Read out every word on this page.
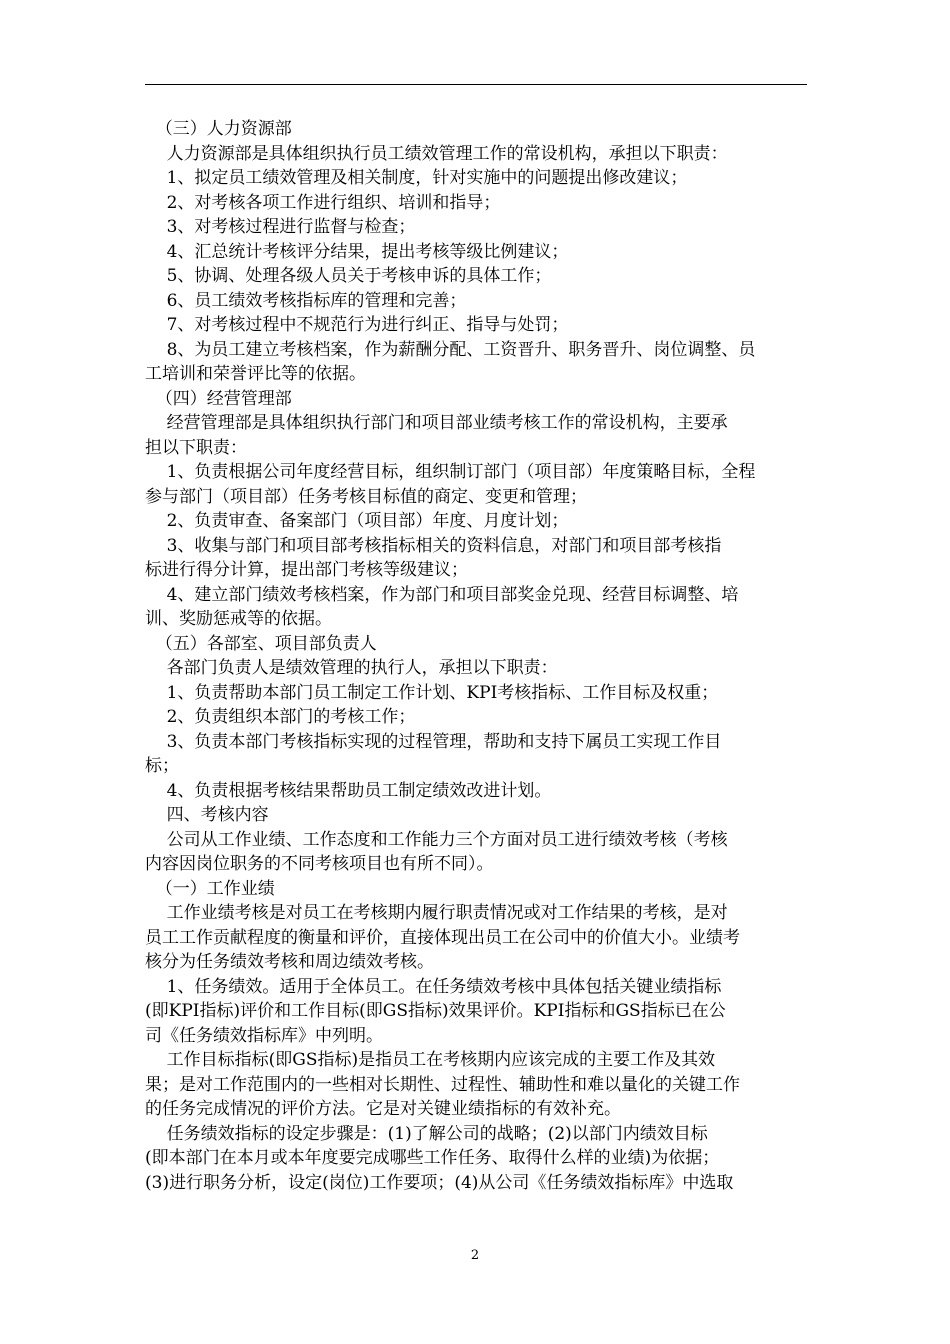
（三）人力资源部

人力资源部是具体组织执行员工绩效管理工作的常设机构，承担以下职责：

1、拟定员工绩效管理及相关制度，针对实施中的问题提出修改建议；

2、对考核各项工作进行组织、培训和指导；

3、对考核过程进行监督与检查；

4、汇总统计考核评分结果，提出考核等级比例建议；

5、协调、处理各级人员关于考核申诉的具体工作；

6、员工绩效考核指标库的管理和完善；

7、对考核过程中不规范行为进行纠正、指导与处罚；

8、为员工建立考核档案，作为薪酬分配、工资晋升、职务晋升、岗位调整、员

工培训和荣誉评比等的依据。

（四）经营管理部

经营管理部是具体组织执行部门和项目部业绩考核工作的常设机构，主要承

担以下职责：

1、负责根据公司年度经营目标，组织制订部门（项目部）年度策略目标，全程

参与部门（项目部）任务考核目标值的商定、变更和管理；

2、负责审查、备案部门（项目部）年度、月度计划；

3、收集与部门和项目部考核指标相关的资料信息，对部门和项目部考核指

标进行得分计算，提出部门考核等级建议；

4、建立部门绩效考核档案，作为部门和项目部奖金兑现、经营目标调整、培

训、奖励惩戒等的依据。

（五）各部室、项目部负责人

各部门负责人是绩效管理的执行人，承担以下职责：

1、负责帮助本部门员工制定工作计划、KPI考核指标、工作目标及权重；

2、负责组织本部门的考核工作；

3、负责本部门考核指标实现的过程管理，帮助和支持下属员工实现工作目

标；

4、负责根据考核结果帮助员工制定绩效改进计划。

四、考核内容

公司从工作业绩、工作态度和工作能力三个方面对员工进行绩效考核（考核

内容因岗位职务的不同考核项目也有所不同）。

（一）工作业绩

工作业绩考核是对员工在考核期内履行职责情况或对工作结果的考核，是对

员工工作贡献程度的衡量和评价，直接体现出员工在公司中的价值大小。业绩考

核分为任务绩效考核和周边绩效考核。

1、任务绩效。适用于全体员工。在任务绩效考核中具体包括关键业绩指标

(即KPI指标)评价和工作目标(即GS指标)效果评价。KPI指标和GS指标已在公

司《任务绩效指标库》中列明。

工作目标指标(即GS指标)是指员工在考核期内应该完成的主要工作及其效

果；是对工作范围内的一些相对长期性、过程性、辅助性和难以量化的关键工作

的任务完成情况的评价方法。它是对关键业绩指标的有效补充。

任务绩效指标的设定步骤是：(1)了解公司的战略；(2)以部门内绩效目标

(即本部门在本月或本年度要完成哪些工作任务、取得什么样的业绩)为依据；

(3)进行职务分析，设定(岗位)工作要项；(4)从公司《任务绩效指标库》中选取

2
